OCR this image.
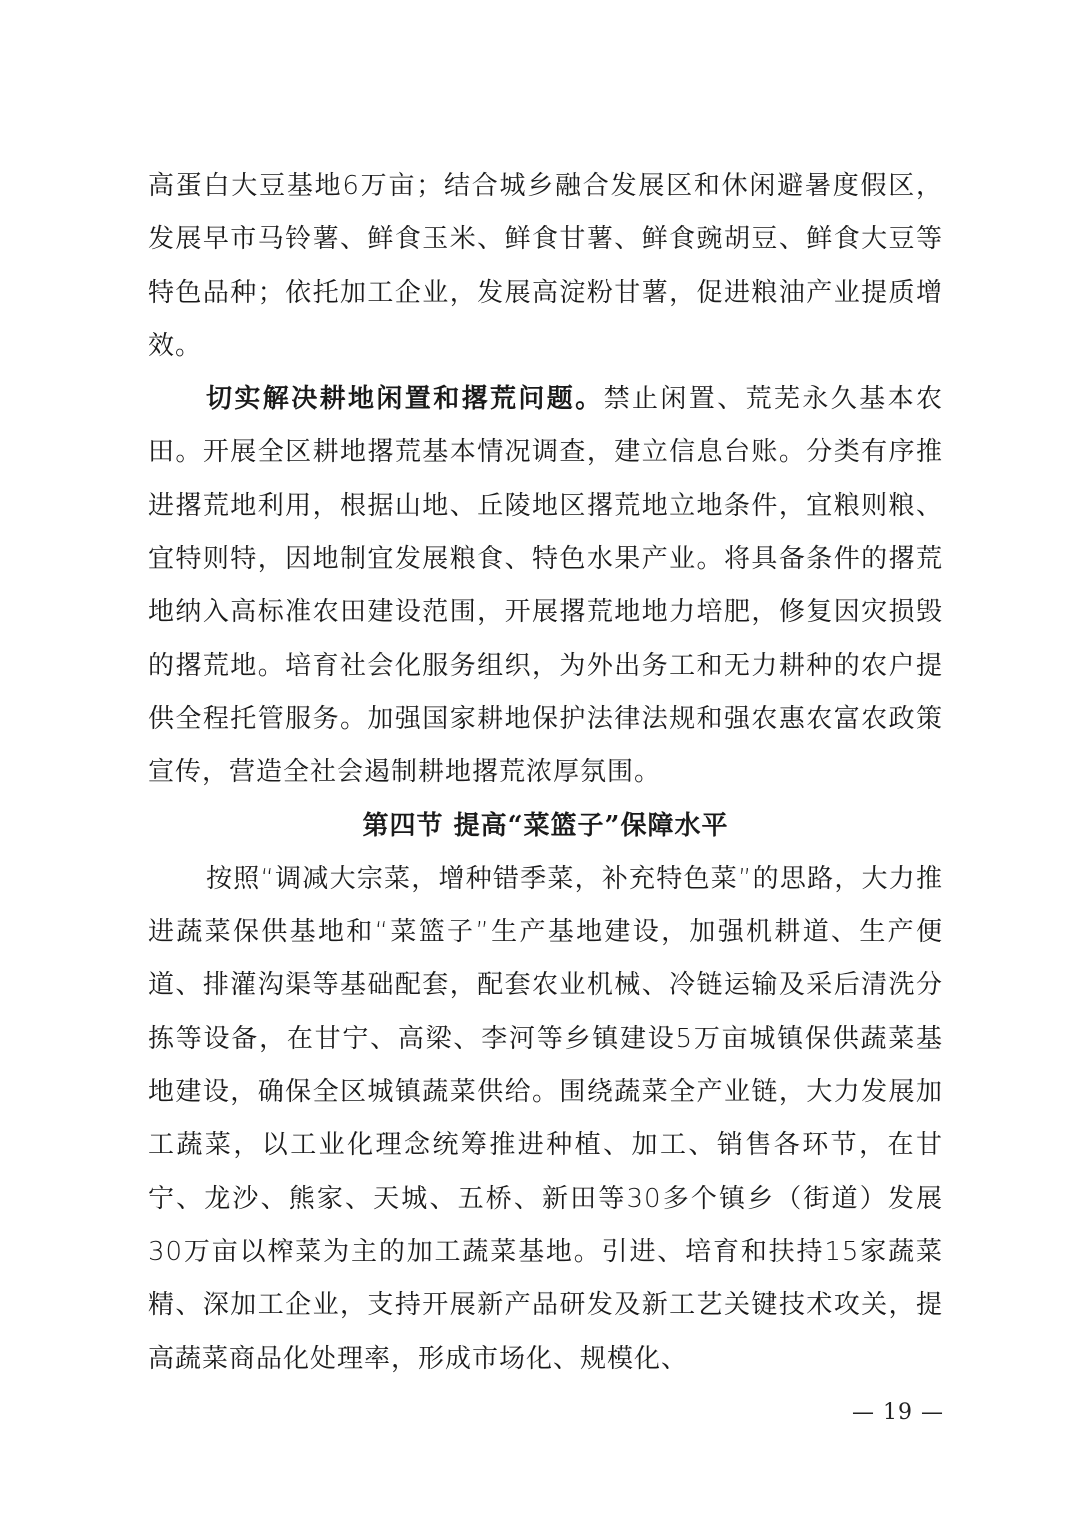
高蛋白大豆基地6万亩；结合城乡融合发展区和休闲避暑度假区，发展早市马铃薯、鲜食玉米、鲜食甘薯、鲜食豌胡豆、鲜食大豆等特色品种；依托加工企业，发展高淀粉甘薯，促进粮油产业提质增效。

切实解决耕地闲置和撂荒问题。禁止闲置、荒芜永久基本农田。开展全区耕地撂荒基本情况调查，建立信息台账。分类有序推进撂荒地利用，根据山地、丘陵地区撂荒地立地条件，宜粮则粮、宜特则特，因地制宜发展粮食、特色水果产业。将具备条件的撂荒地纳入高标准农田建设范围，开展撂荒地地力培肥，修复因灾损毁的撂荒地。培育社会化服务组织，为外出务工和无力耕种的农户提供全程托管服务。加强国家耕地保护法律法规和强农惠农富农政策宣传，营造全社会遏制耕地撂荒浓厚氛围。

第四节 提高“菜篮子”保障水平

按照“调减大宗菜，增种错季菜，补充特色菜”的思路，大力推进蔬菜保供基地和“菜篮子”生产基地建设，加强机耕道、生产便道、排灌沟渠等基础配套，配套农业机械、冷链运输及采后清洗分拣等设备，在甘宁、高梁、李河等乡镇建设5万亩城镇保供蔬菜基地建设，确保全区城镇蔬菜供给。围绕蔬菜全产业链，大力发展加工蔬菜，以工业化理念统筹推进种植、加工、销售各环节，在甘宁、龙沙、熊家、天城、五桥、新田等30多个镇乡（街道）发展30万亩以榨菜为主的加工蔬菜基地。引进、培育和扶持15家蔬菜精、深加工企业，支持开展新产品研发及新工艺关键技术攻关，提高蔬菜商品化处理率，形成市场化、规模化、

— 19 —
